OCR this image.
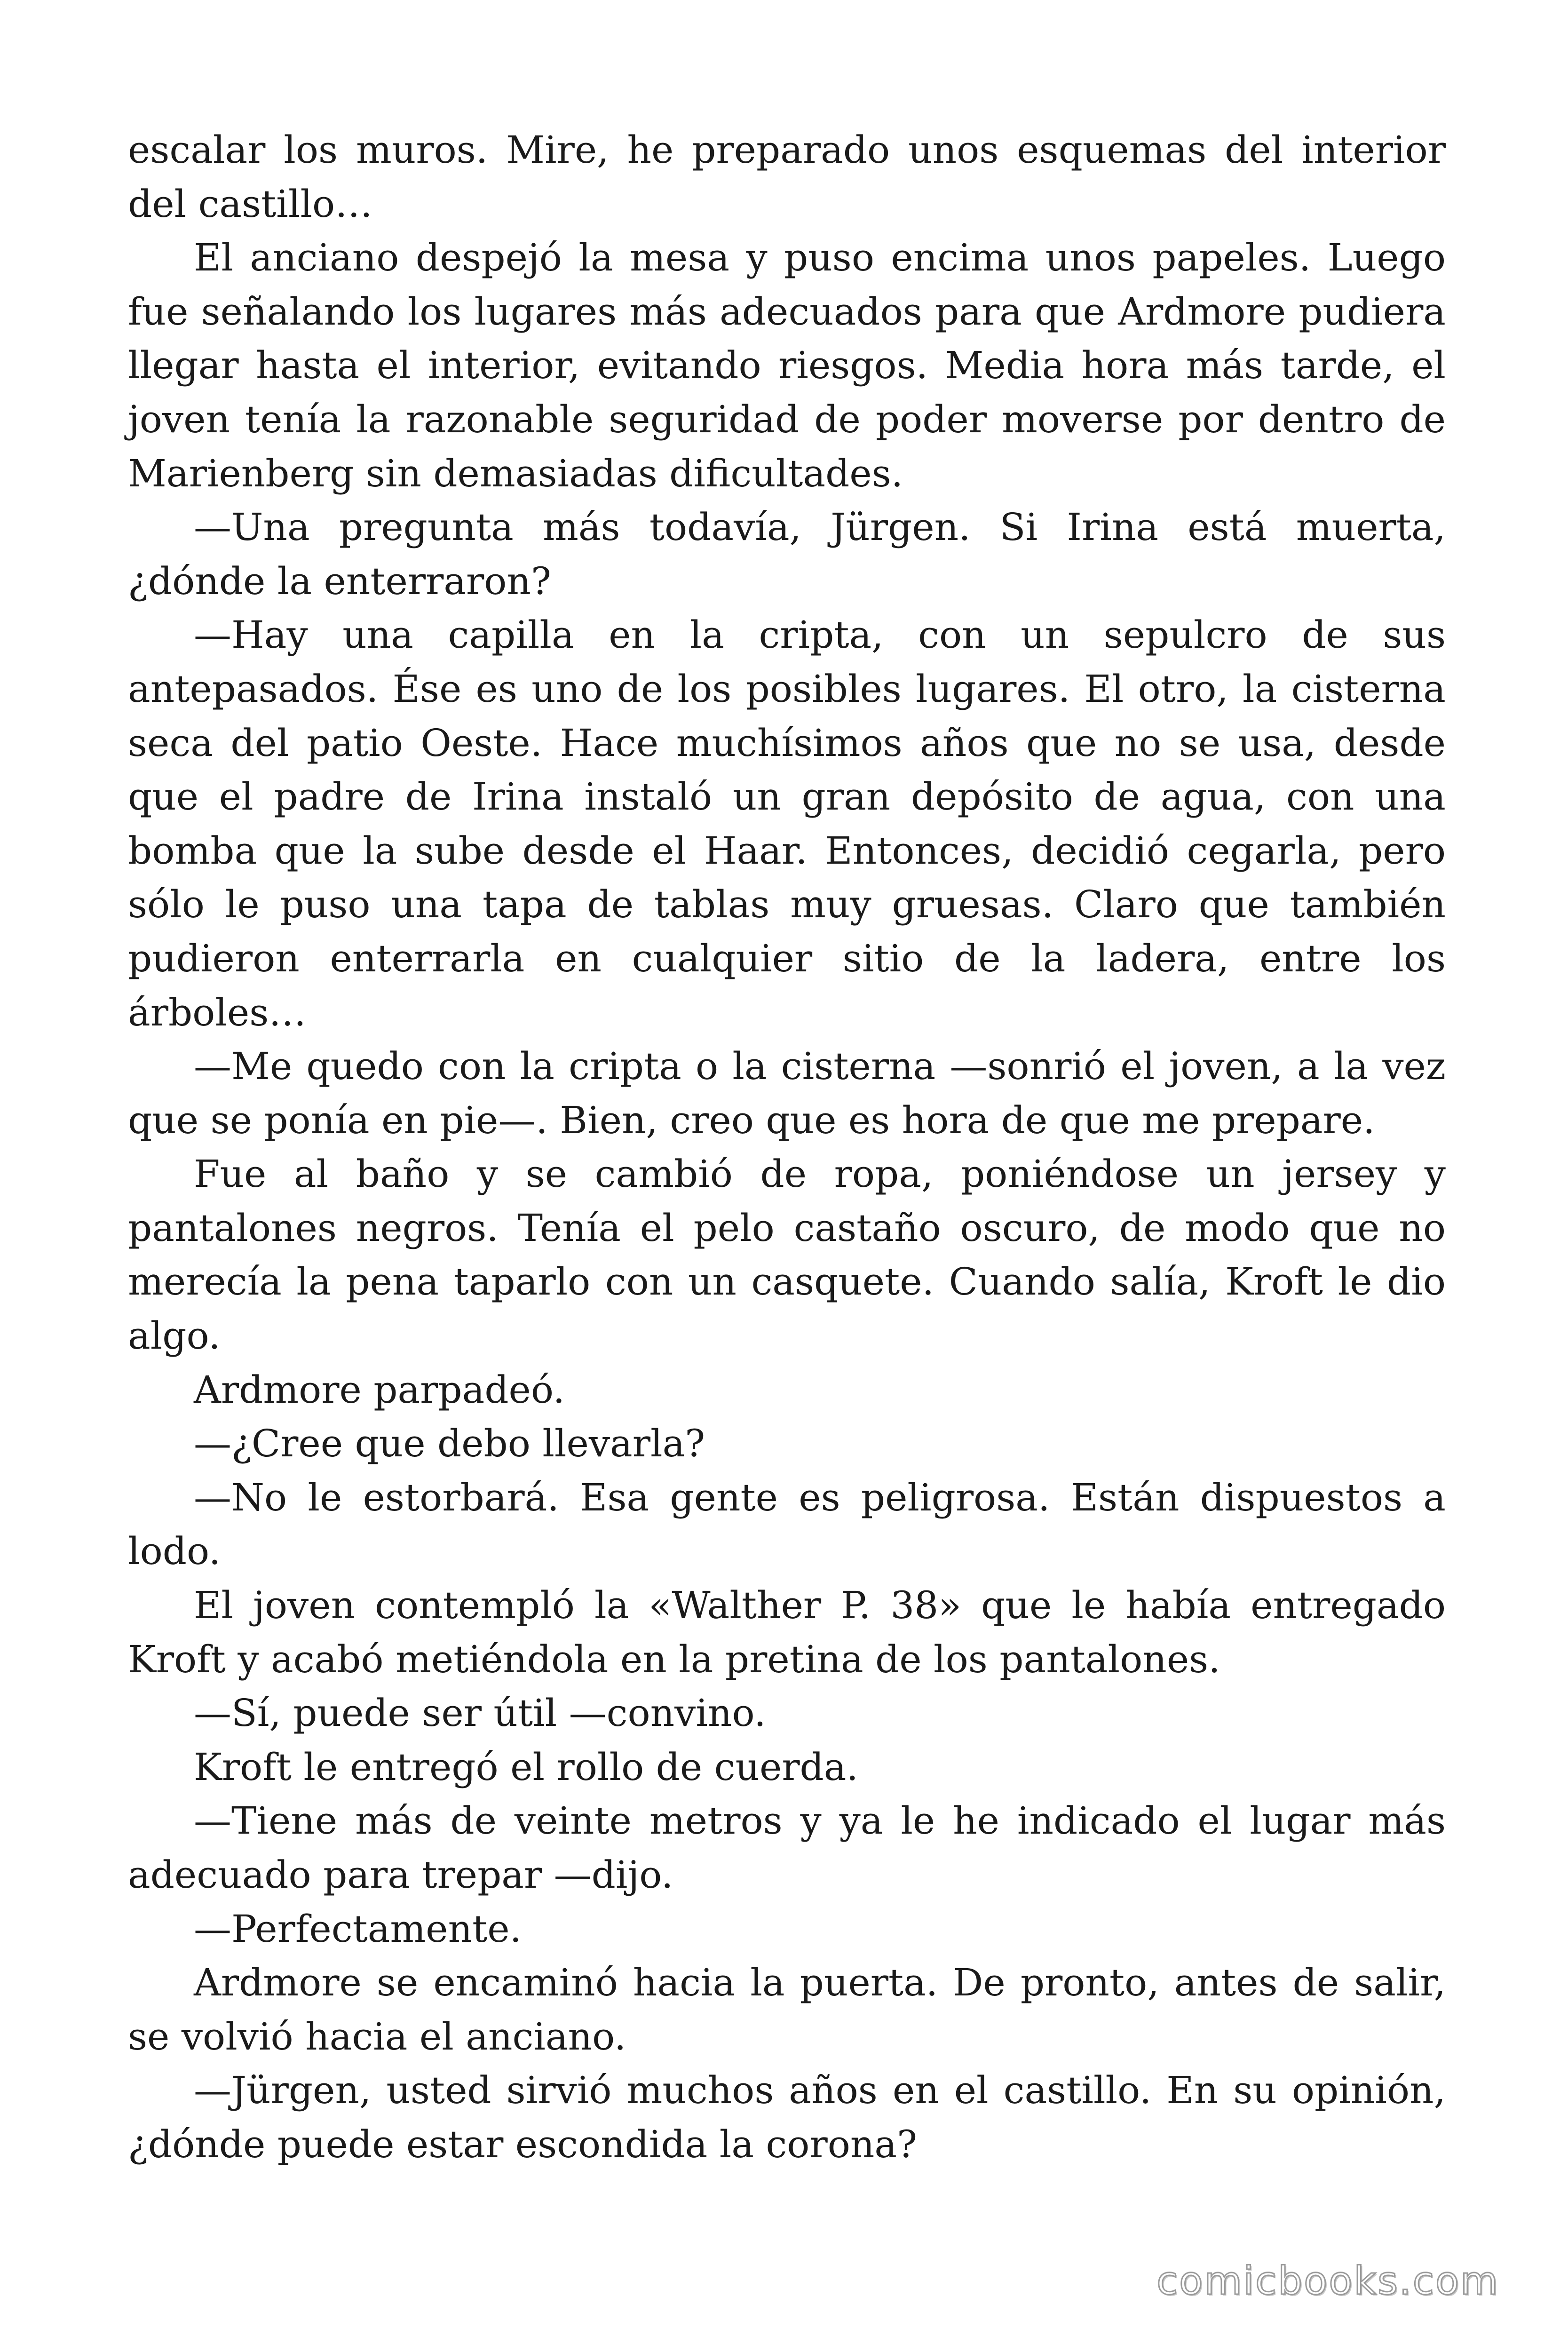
escalar los muros. Mire, he preparado unos esquemas del interior del castillo…

El anciano despejó la mesa y puso encima unos papeles. Luego fue señalando los lugares más adecuados para que Ardmore pudiera llegar hasta el interior, evitando riesgos. Media hora más tarde, el joven tenía la razonable seguridad de poder moverse por dentro de Marienberg sin demasiadas dificultades.

—Una pregunta más todavía, Jürgen. Si Irina está muerta, ¿dónde la enterraron?

—Hay una capilla en la cripta, con un sepulcro de sus antepasados. Ése es uno de los posibles lugares. El otro, la cisterna seca del patio Oeste. Hace muchísimos años que no se usa, desde que el padre de Irina instaló un gran depósito de agua, con una bomba que la sube desde el Haar. Entonces, decidió cegarla, pero sólo le puso una tapa de tablas muy gruesas. Claro que también pudieron enterrarla en cualquier sitio de la ladera, entre los árboles…

—Me quedo con la cripta o la cisterna —sonrió el joven, a la vez que se ponía en pie—. Bien, creo que es hora de que me prepare.

Fue al baño y se cambió de ropa, poniéndose un jersey y pantalones negros. Tenía el pelo castaño oscuro, de modo que no merecía la pena taparlo con un casquete. Cuando salía, Kroft le dio algo.

Ardmore parpadeó.

—¿Cree que debo llevarla?

—No le estorbará. Esa gente es peligrosa. Están dispuestos a lodo.

El joven contempló la «Walther P. 38» que le había entregado Kroft y acabó metiéndola en la pretina de los pantalones.

—Sí, puede ser útil —convino.

Kroft le entregó el rollo de cuerda.

—Tiene más de veinte metros y ya le he indicado el lugar más adecuado para trepar —dijo.

—Perfectamente.

Ardmore se encaminó hacia la puerta. De pronto, antes de salir, se volvió hacia el anciano.

—Jürgen, usted sirvió muchos años en el castillo. En su opinión, ¿dónde puede estar escondida la corona?

comicbooks.com
